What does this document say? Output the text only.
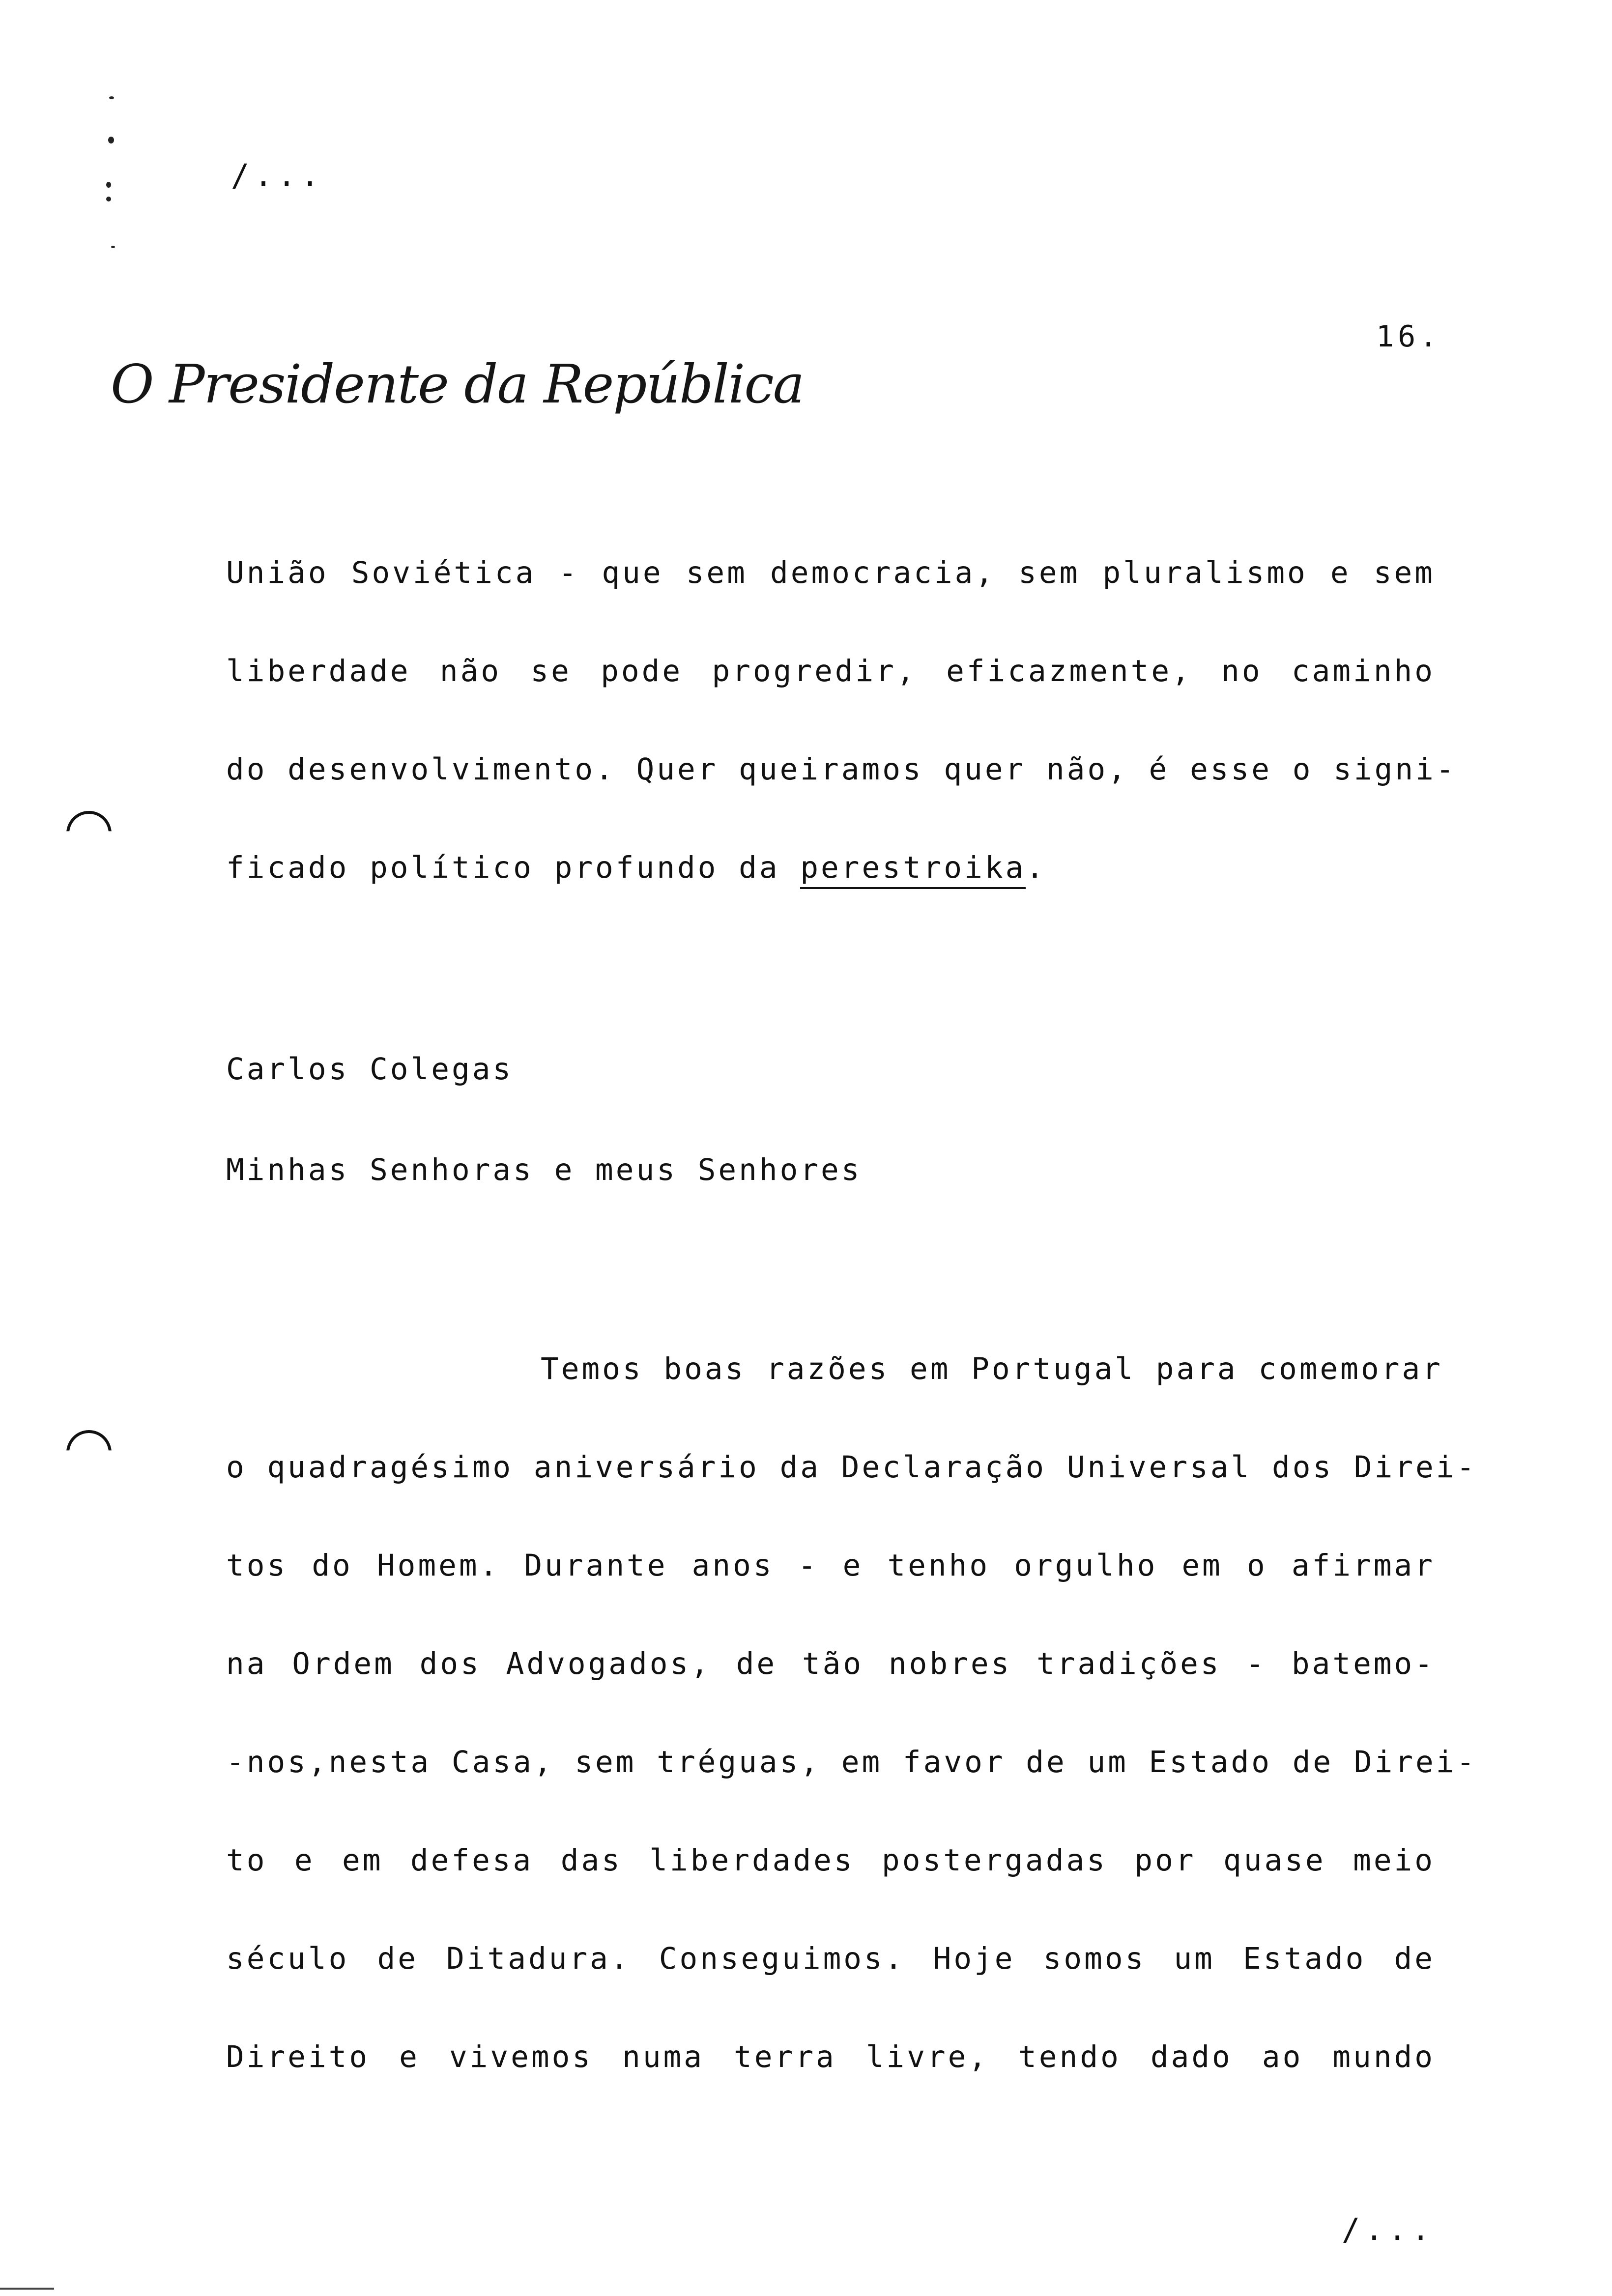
/...
16.
O Presidente da República
União Soviética - que sem democracia, sem pluralismo e sem
liberdade não se pode progredir, eficazmente, no caminho
do desenvolvimento. Quer queiramos quer não, é esse o signi-
ficado político profundo da perestroika.
Carlos Colegas
Minhas Senhoras e meus Senhores
Temos boas razões em Portugal para comemorar
o quadragésimo aniversário da Declaração Universal dos Direi-
tos do Homem. Durante anos - e tenho orgulho em o afirmar
na Ordem dos Advogados, de tão nobres tradições - batemo-
-nos,nesta Casa, sem tréguas, em favor de um Estado de Direi-
to e em defesa das liberdades postergadas por quase meio
século de Ditadura. Conseguimos. Hoje somos um Estado de
Direito e vivemos numa terra livre, tendo dado ao mundo
/...
